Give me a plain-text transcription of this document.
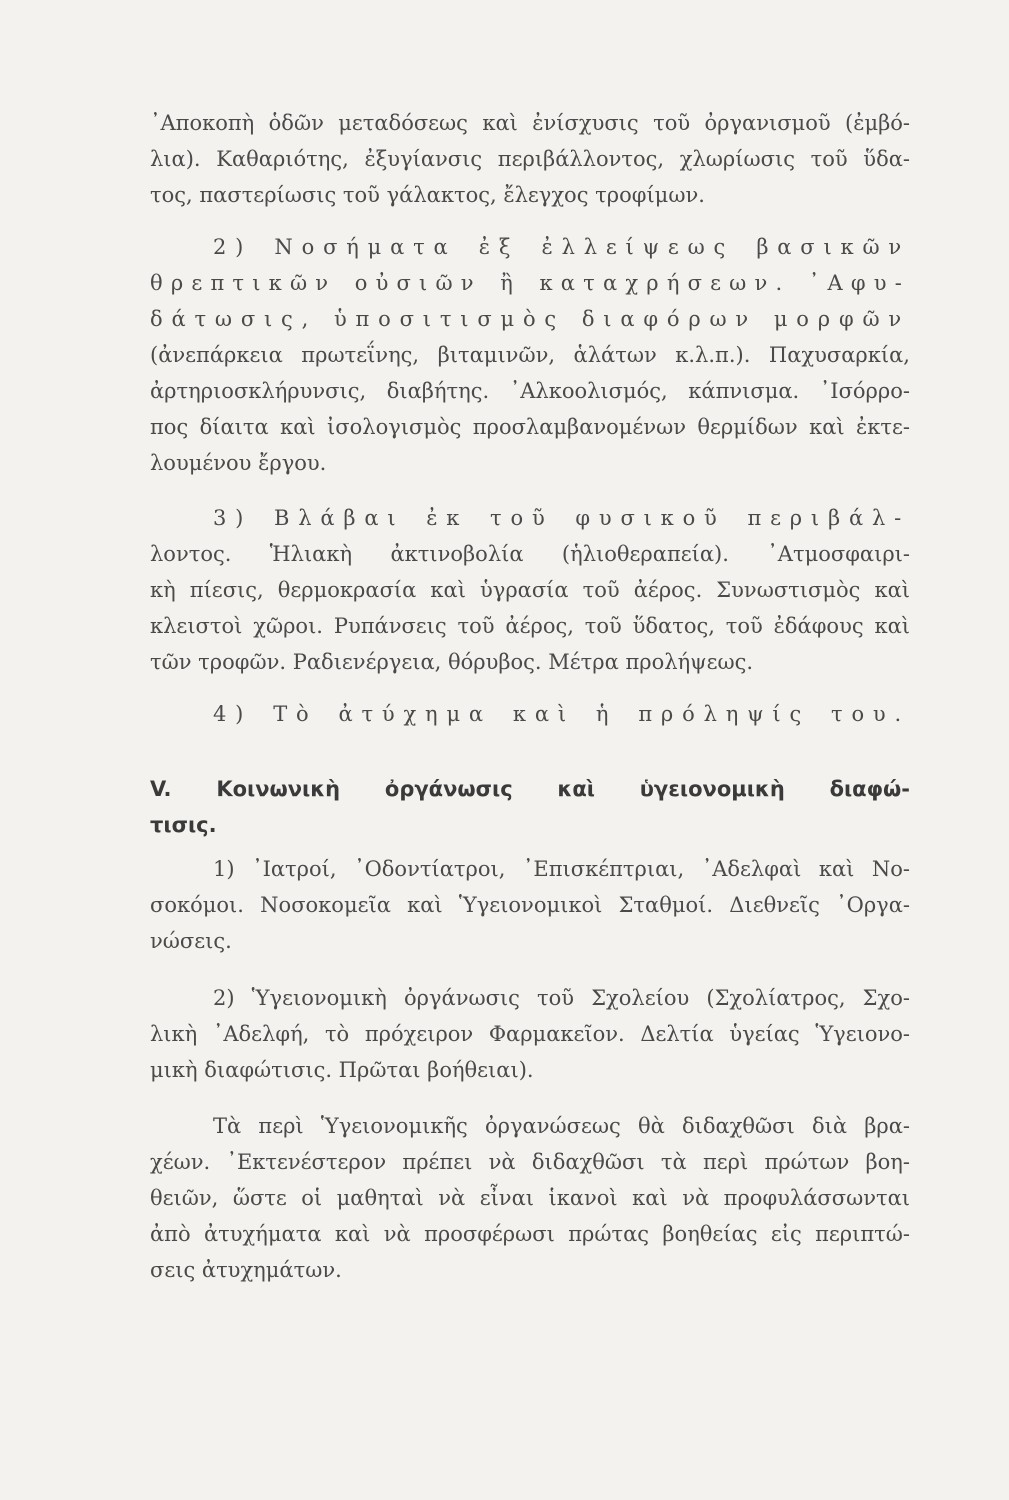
᾿Αποκοπὴ ὁδῶν μεταδόσεως καὶ ἐνίσχυσις τοῦ ὀργανισμοῦ (ἐμβό-
λια). Καθαριότης, ἐξυγίανσις περιβάλλοντος, χλωρίωσις τοῦ ὕδα-
τος, παστερίωσις τοῦ γάλακτος, ἔλεγχος τροφίμων.
2) Νοσήματα ἐξ ἐλλείψεως βασικῶν
θρεπτικῶν οὐσιῶν ἢ καταχρήσεων. ᾿Αφυ-
δάτωσις, ὑποσιτισμὸς διαφόρων μορφῶν
(ἀνεπάρκεια πρωτεΐνης, βιταμινῶν, ἁλάτων κ.λ.π.). Παχυσαρκία,
ἀρτηριοσκλήρυνσις, διαβήτης. ᾿Αλκοολισμός, κάπνισμα. ᾿Ισόρρο-
πος δίαιτα καὶ ἰσολογισμὸς προσλαμβανομένων θερμίδων καὶ ἐκτε-
λουμένου ἔργου.
3) Βλάβαι ἐκ τοῦ φυσικοῦ περιβάλ-
λοντος. Ἡλιακὴ ἀκτινοβολία (ἡλιοθεραπεία). ᾿Ατμοσφαιρι-
κὴ πίεσις, θερμοκρασία καὶ ὑγρασία τοῦ ἀέρος. Συνωστισμὸς καὶ
κλειστοὶ χῶροι. Ρυπάνσεις τοῦ ἀέρος, τοῦ ὕδατος, τοῦ ἐδάφους καὶ
τῶν τροφῶν. Ραδιενέργεια, θόρυβος. Μέτρα προλήψεως.
4) Τὸ ἀτύχημα καὶ ἡ πρόληψίς του.
V. Κοινωνικὴ ὀργάνωσις καὶ ὑγειονομικὴ διαφώ-
τισις.
1) ᾿Ιατροί, ᾿Οδοντίατροι, ᾿Επισκέπτριαι, ᾿Αδελφαὶ καὶ Νο-
σοκόμοι. Νοσοκομεῖα καὶ Ὑγειονομικοὶ Σταθμοί. Διεθνεῖς ᾿Οργα-
νώσεις.
2) Ὑγειονομικὴ ὀργάνωσις τοῦ Σχολείου (Σχολίατρος, Σχο-
λικὴ ᾿Αδελφή, τὸ πρόχειρον Φαρμακεῖον. Δελτία ὑγείας Ὑγειονο-
μικὴ διαφώτισις. Πρῶται βοήθειαι).
Τὰ περὶ Ὑγειονομικῆς ὀργανώσεως θὰ διδαχθῶσι διὰ βρα-
χέων. ᾿Εκτενέστερον πρέπει νὰ διδαχθῶσι τὰ περὶ πρώτων βοη-
θειῶν, ὥστε οἱ μαθηταὶ νὰ εἶναι ἱκανοὶ καὶ νὰ προφυλάσσωνται
ἀπὸ ἀτυχήματα καὶ νὰ προσφέρωσι πρώτας βοηθείας εἰς περιπτώ-
σεις ἀτυχημάτων.
